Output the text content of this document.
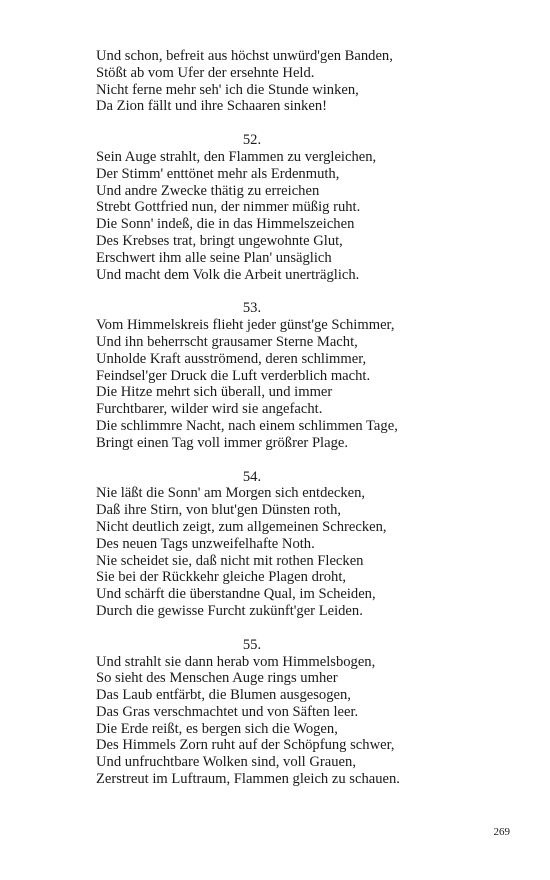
Und schon, befreit aus höchst unwürd'gen Banden,
Stößt ab vom Ufer der ersehnte Held.
Nicht ferne mehr seh' ich die Stunde winken,
Da Zion fällt und ihre Schaaren sinken!
52.
Sein Auge strahlt, den Flammen zu vergleichen,
Der Stimm' enttönet mehr als Erdenmuth,
Und andre Zwecke thätig zu erreichen
Strebt Gottfried nun, der nimmer müßig ruht.
Die Sonn' indeß, die in das Himmelszeichen
Des Krebses trat, bringt ungewohnte Glut,
Erschwert ihm alle seine Plan' unsäglich
Und macht dem Volk die Arbeit unerträglich.
53.
Vom Himmelskreis flieht jeder günst'ge Schimmer,
Und ihn beherrscht grausamer Sterne Macht,
Unholde Kraft ausströmend, deren schlimmer,
Feindsel'ger Druck die Luft verderblich macht.
Die Hitze mehrt sich überall, und immer
Furchtbarer, wilder wird sie angefacht.
Die schlimmre Nacht, nach einem schlimmen Tage,
Bringt einen Tag voll immer größrer Plage.
54.
Nie läßt die Sonn' am Morgen sich entdecken,
Daß ihre Stirn, von blut'gen Dünsten roth,
Nicht deutlich zeigt, zum allgemeinen Schrecken,
Des neuen Tags unzweifelhafte Noth.
Nie scheidet sie, daß nicht mit rothen Flecken
Sie bei der Rückkehr gleiche Plagen droht,
Und schärft die überstandne Qual, im Scheiden,
Durch die gewisse Furcht zukünft'ger Leiden.
55.
Und strahlt sie dann herab vom Himmelsbogen,
So sieht des Menschen Auge rings umher
Das Laub entfärbt, die Blumen ausgesogen,
Das Gras verschmachtet und von Säften leer.
Die Erde reißt, es bergen sich die Wogen,
Des Himmels Zorn ruht auf der Schöpfung schwer,
Und unfruchtbare Wolken sind, voll Grauen,
Zerstreut im Luftraum, Flammen gleich zu schauen.
269
